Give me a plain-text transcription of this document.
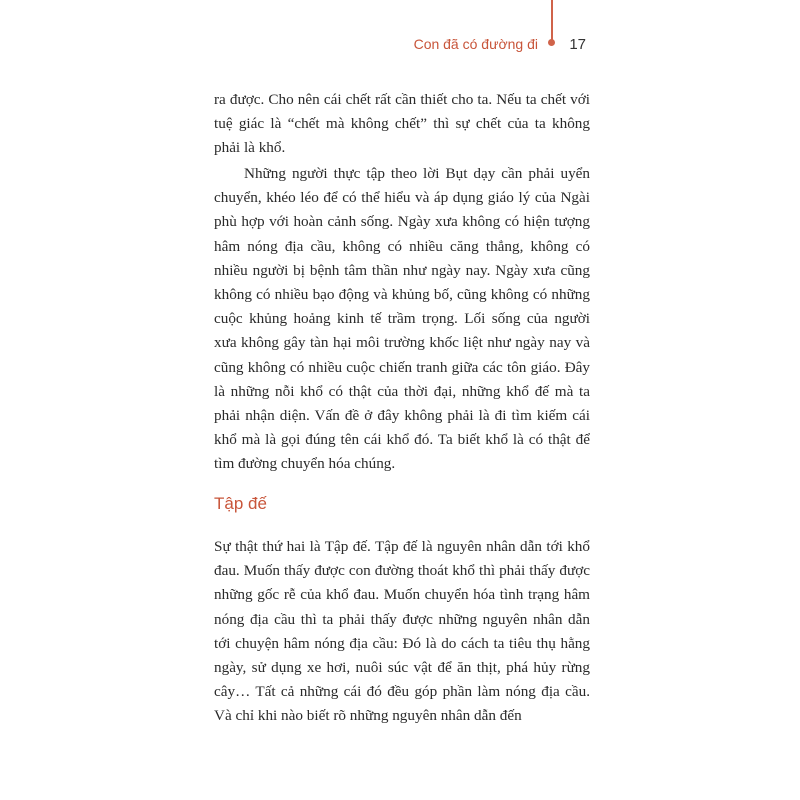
Con đã có đường đi 17

ra được. Cho nên cái chết rất cần thiết cho ta. Nếu ta chết với tuệ giác là “chết mà không chết” thì sự chết của ta không phải là khổ.

Những người thực tập theo lời Bụt dạy cần phải uyển chuyển, khéo léo để có thể hiểu và áp dụng giáo lý của Ngài phù hợp với hoàn cảnh sống. Ngày xưa không có hiện tượng hâm nóng địa cầu, không có nhiều căng thẳng, không có nhiều người bị bệnh tâm thần như ngày nay. Ngày xưa cũng không có nhiều bạo động và khủng bố, cũng không có những cuộc khủng hoảng kinh tế trầm trọng. Lối sống của người xưa không gây tàn hại môi trường khốc liệt như ngày nay và cũng không có nhiều cuộc chiến tranh giữa các tôn giáo. Đây là những nỗi khổ có thật của thời đại, những khổ đế mà ta phải nhận diện. Vấn đề ở đây không phải là đi tìm kiếm cái khổ mà là gọi đúng tên cái khổ đó. Ta biết khổ là có thật để tìm đường chuyển hóa chúng.

Tập đế

Sự thật thứ hai là Tập đế. Tập đế là nguyên nhân dẫn tới khổ đau. Muốn thấy được con đường thoát khổ thì phải thấy được những gốc rễ của khổ đau. Muốn chuyển hóa tình trạng hâm nóng địa cầu thì ta phải thấy được những nguyên nhân dẫn tới chuyện hâm nóng địa cầu: Đó là do cách ta tiêu thụ hằng ngày, sử dụng xe hơi, nuôi súc vật để ăn thịt, phá hủy rừng cây… Tất cả những cái đó đều góp phần làm nóng địa cầu. Và chỉ khi nào biết rõ những nguyên nhân dẫn đến
